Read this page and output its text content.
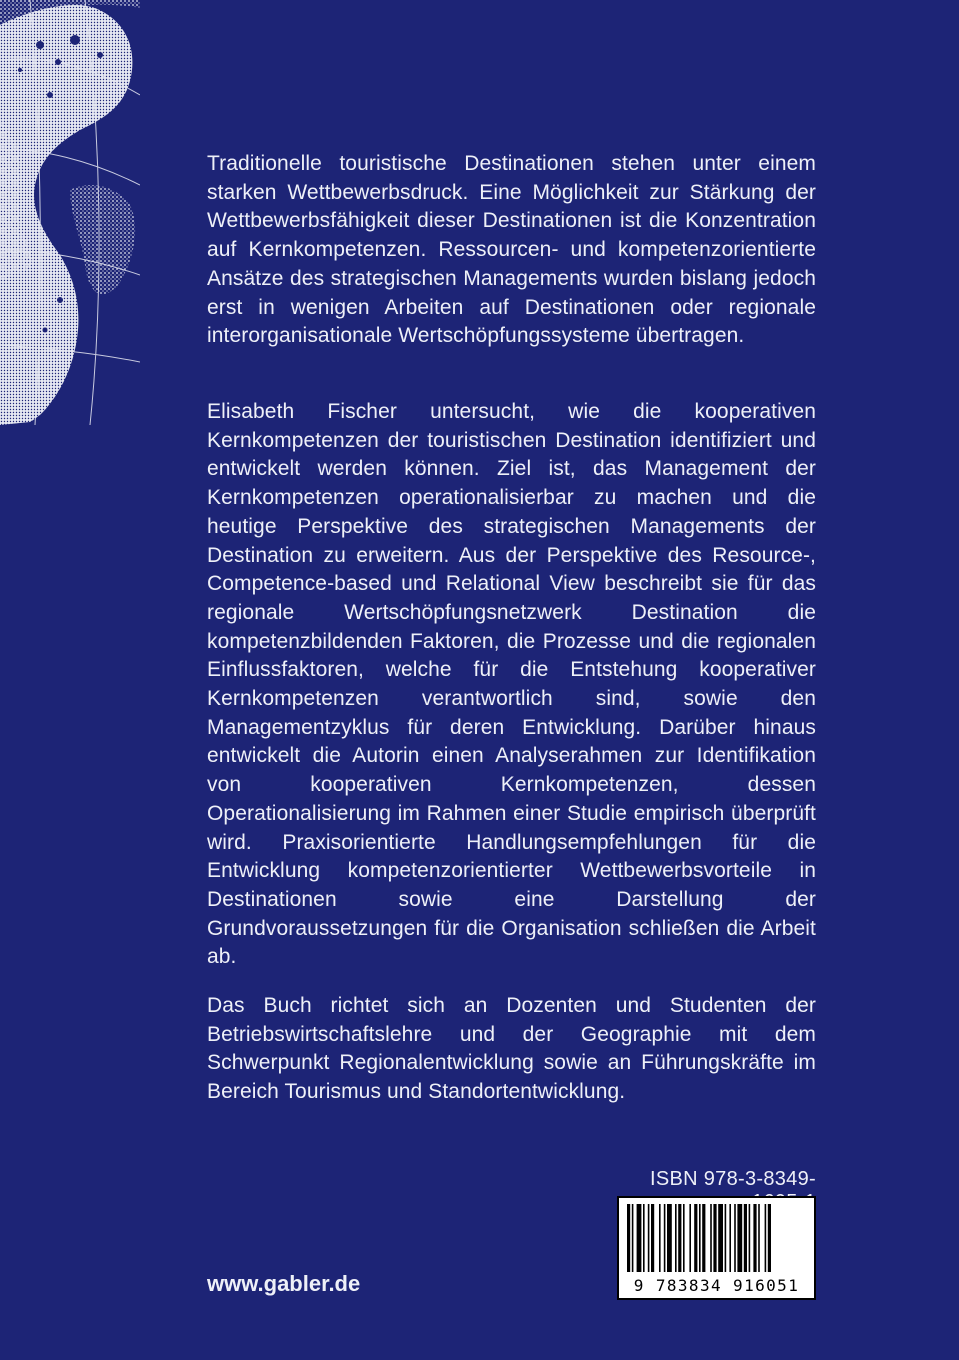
Traditionelle touristische Destinationen stehen unter einem starken Wettbewerbsdruck. Eine Möglichkeit zur Stärkung der Wettbewerbsfähigkeit dieser Destinationen ist die Konzentration auf Kernkompetenzen. Ressourcen- und kompetenzorientierte Ansätze des strategischen Managements wurden bislang jedoch erst in wenigen Arbeiten auf Destinationen oder regionale interorganisationale Wertschöpfungssysteme übertragen.

Elisabeth Fischer untersucht, wie die kooperativen Kernkompetenzen der touristischen Destination identifiziert und entwickelt werden können. Ziel ist, das Management der Kernkompetenzen operationalisierbar zu machen und die heutige Perspektive des strategischen Managements der Destination zu erweitern. Aus der Perspektive des Resource-, Competence-based und Relational View beschreibt sie für das regionale Wertschöpfungsnetzwerk Destination die kompetenzbildenden Faktoren, die Prozesse und die regionalen Einflussfaktoren, welche für die Entstehung kooperativer Kernkompetenzen verantwortlich sind, sowie den Managementzyklus für deren Entwicklung. Darüber hinaus entwickelt die Autorin einen Analyserahmen zur Identifikation von kooperativen Kernkompetenzen, dessen Operationalisierung im Rahmen einer Studie empirisch überprüft wird. Praxisorientierte Handlungsempfehlungen für die Entwicklung kompetenzorientierter Wettbewerbsvorteile in Destinationen sowie eine Darstellung der Grundvoraussetzungen für die Organisation schließen die Arbeit ab.

Das Buch richtet sich an Dozenten und Studenten der Betriebswirtschaftslehre und der Geographie mit dem Schwerpunkt Regionalentwicklung sowie an Führungskräfte im Bereich Tourismus und Standortentwicklung.

ISBN 978-3-8349-
9 783834 916051
www.gabler.de
